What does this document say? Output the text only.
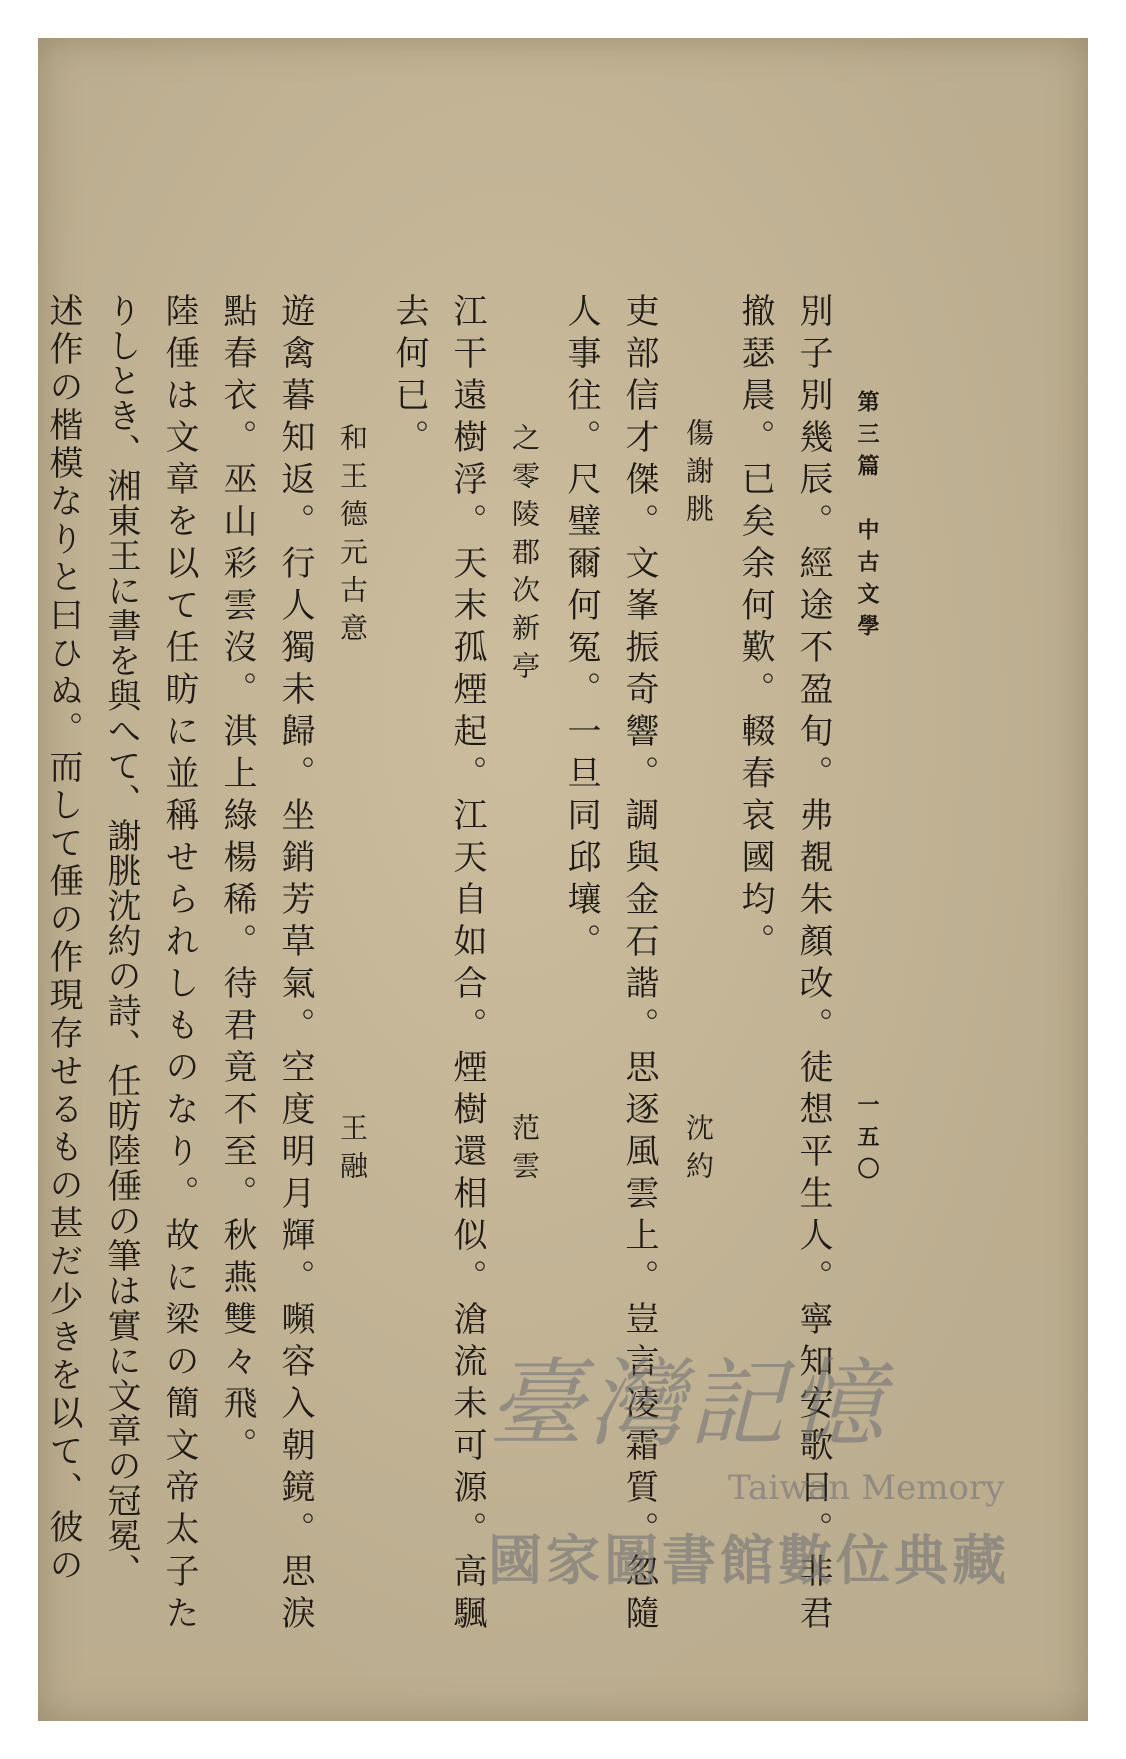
第三篇　中古文學
一五〇
別子別幾辰。經途不盈旬。弗覩朱顏改。徒想平生人。寧知安歌日。非君
撤瑟晨。已矣余何歎。輟春哀國均。
傷謝朓
沈約
吏部信才傑。文峯振奇響。調與金石諧。思逐風雲上。豈言凌霜質。忽隨
人事往。尺璧爾何冤。一旦同邱壤。
之零陵郡次新亭
范雲
江干遠樹浮。天末孤煙起。江天自如合。煙樹還相似。滄流未可源。高颿
去何已。
和王德元古意
王融
遊禽暮知返。行人獨未歸。坐銷芳草氣。空度明月輝。嚬容入朝鏡。思淚
點春衣。巫山彩雲沒。淇上綠楊稀。待君竟不至。秋燕雙々飛。
陸倕は文章を以て任昉に並稱せられしものなり。故に梁の簡文帝太子た
りしとき、湘東王に書を與へて、謝朓沈約の詩、任昉陸倕の筆は實に文章の冠冕、
述作の楷模なりと曰ひぬ。而して倕の作現存せるもの甚だ少きを以て、彼の	臺灣記憶
Taiwan Memory
國家圖書館數位典藏
